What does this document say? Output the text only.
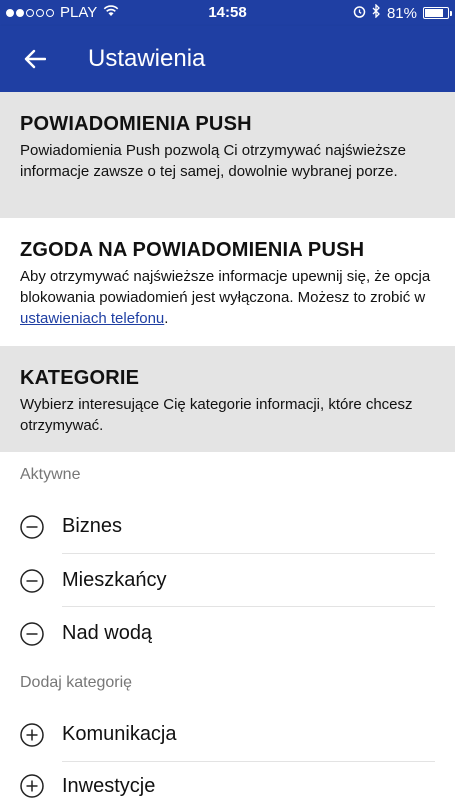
PLAY	14:58	81%
Ustawienia
POWIADOMIENIA PUSH
Powiadomienia Push pozwolą Ci otrzymywać najświeższe informacje zawsze o tej samej, dowolnie wybranej porze.
ZGODA NA POWIADOMIENIA PUSH
Aby otrzymywać najświeższe informacje upewnij się, że opcja blokowania powiadomień jest wyłączona. Możesz to zrobić w ustawieniach telefonu.
KATEGORIE
Wybierz interesujące Cię kategorie informacji, które chcesz otrzymywać.
Aktywne
Biznes
Mieszkańcy
Nad wodą
Dodaj kategorię
Komunikacja
Inwestycje
